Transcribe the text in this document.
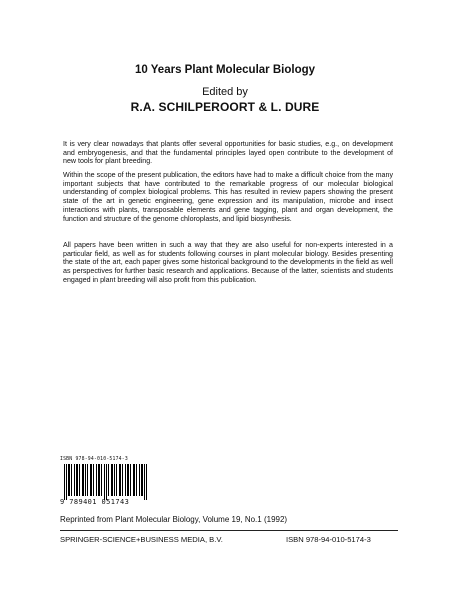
10 Years Plant Molecular Biology
Edited by
R.A. SCHILPEROORT & L. DURE

It is very clear nowadays that plants offer several opportunities for basic studies, e.g., on development and embryogenesis, and that the fundamental principles layed open contribute to the development of new tools for plant breeding.

Within the scope of the present publication, the editors have had to make a difficult choice from the many important subjects that have contributed to the remarkable progress of our molecular biological understanding of complex biological problems. This has resulted in review papers showing the present state of the art in genetic engineering, gene expression and its manipulation, microbe and insect interactions with plants, transposable elements and gene tagging, plant and organ development, the function and structure of the genome chloroplasts, and lipid biosynthesis.

All papers have been written in such a way that they are also useful for non-experts interested in a particular field, as well as for students following courses in plant molecular biology. Besides presenting the state of the art, each paper gives some historical background to the developments in the field as well as perspectives for further basic research and applications. Because of the latter, scientists and students engaged in plant breeding will also profit from this publication.

ISBN 978-94-010-5174-3
9 789401 051743
Reprinted from Plant Molecular Biology, Volume 19, No.1 (1992)
SPRINGER-SCIENCE+BUSINESS MEDIA, B.V.	ISBN 978-94-010-5174-3
